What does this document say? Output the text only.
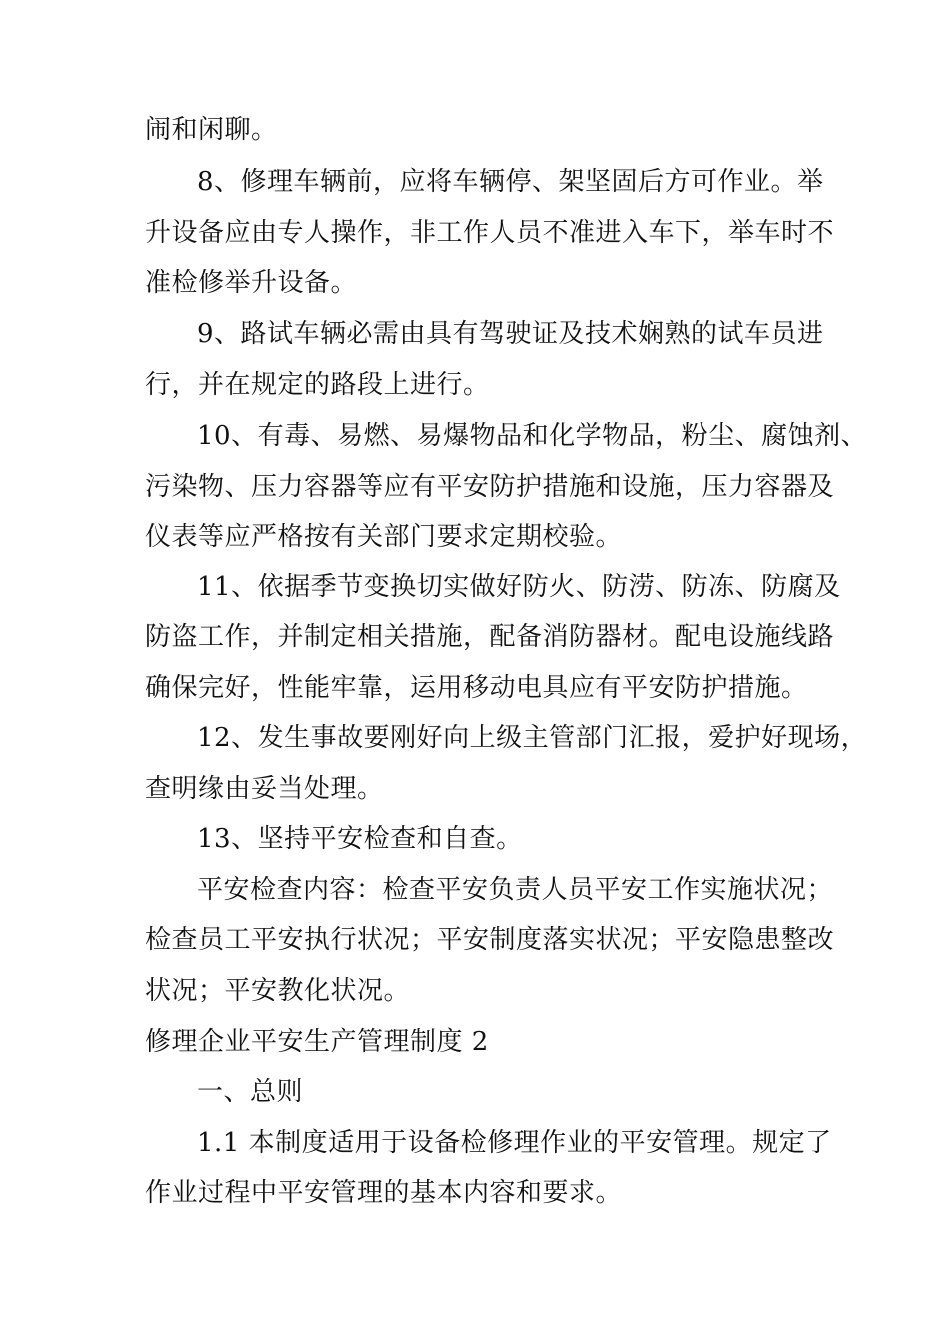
闹和闲聊。

8、修理车辆前，应将车辆停、架坚固后方可作业。举

升设备应由专人操作，非工作人员不准进入车下，举车时不

准检修举升设备。

9、路试车辆必需由具有驾驶证及技术娴熟的试车员进

行，并在规定的路段上进行。

10、有毒、易燃、易爆物品和化学物品，粉尘、腐蚀剂、

污染物、压力容器等应有平安防护措施和设施，压力容器及

仪表等应严格按有关部门要求定期校验。

11、依据季节变换切实做好防火、防涝、防冻、防腐及

防盗工作，并制定相关措施，配备消防器材。配电设施线路

确保完好，性能牢靠，运用移动电具应有平安防护措施。

12、发生事故要刚好向上级主管部门汇报，爱护好现场，

查明缘由妥当处理。

13、坚持平安检查和自查。

平安检查内容：检查平安负责人员平安工作实施状况；

检查员工平安执行状况；平安制度落实状况；平安隐患整改

状况；平安教化状况。

修理企业平安生产管理制度 2

一、总则

1.1 本制度适用于设备检修理作业的平安管理。规定了

作业过程中平安管理的基本内容和要求。
